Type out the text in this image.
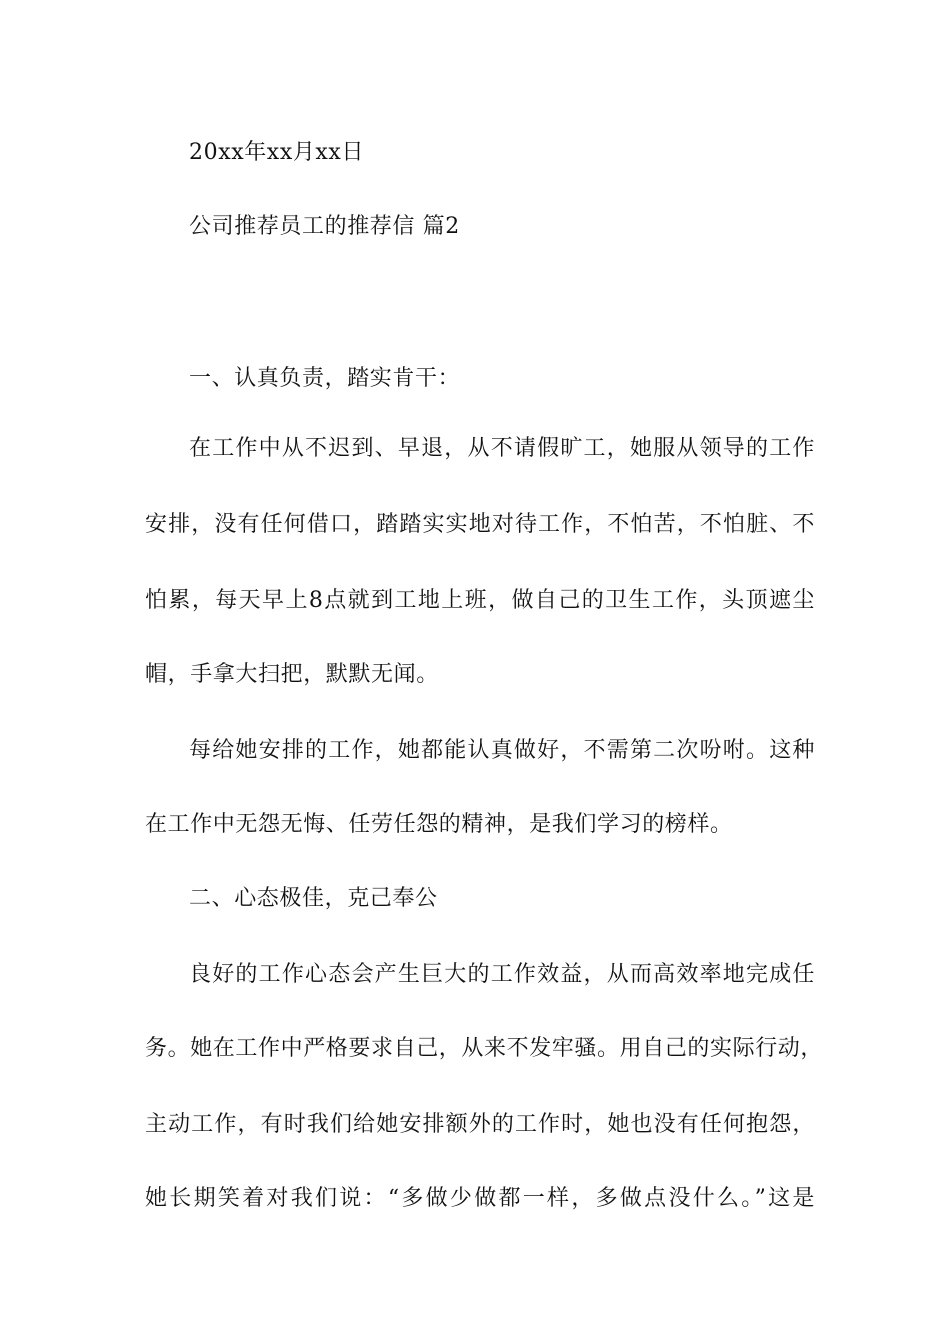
20xx年xx月xx日
公司推荐员工的推荐信 篇2
一、认真负责，踏实肯干：
在工作中从不迟到、早退，从不请假旷工，她服从领导的工作
安排，没有任何借口，踏踏实实地对待工作，不怕苦，不怕脏、不
怕累，每天早上8点就到工地上班，做自己的卫生工作，头顶遮尘
帽，手拿大扫把，默默无闻。
每给她安排的工作，她都能认真做好，不需第二次吩咐。这种
在工作中无怨无悔、任劳任怨的精神，是我们学习的榜样。
二、心态极佳，克己奉公
良好的工作心态会产生巨大的工作效益，从而高效率地完成任
务。她在工作中严格要求自己，从来不发牢骚。用自己的实际行动，
主动工作，有时我们给她安排额外的工作时，她也没有任何抱怨，
她长期笑着对我们说：“多做少做都一样，多做点没什么。”这是
